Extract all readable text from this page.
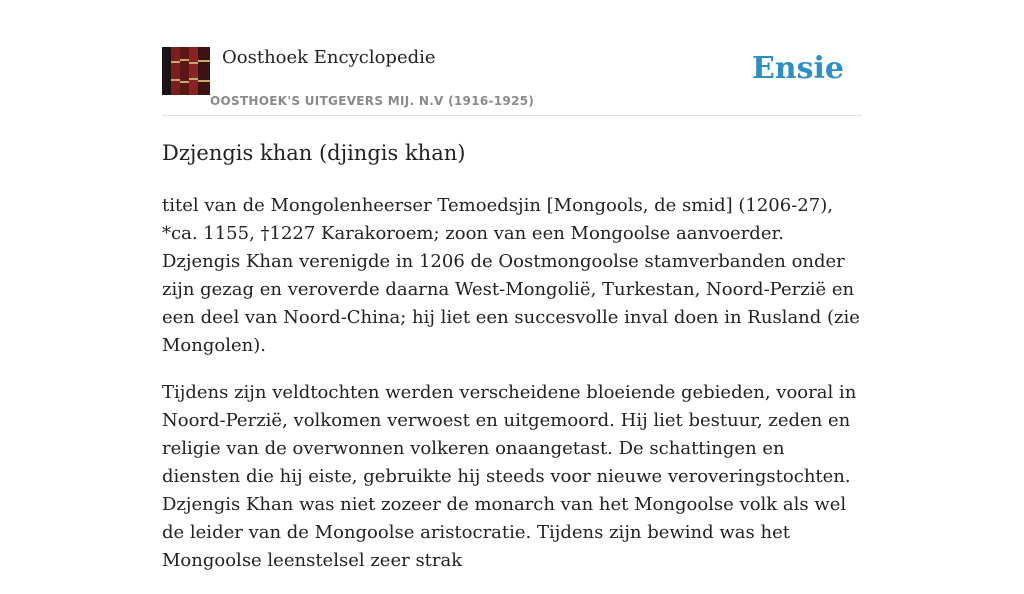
Oosthoek Encyclopedie
OOSTHOEK'S UITGEVERS MIJ. N.V (1916-1925)
Ensie
Dzjengis khan (djingis khan)

titel van de Mongolenheerser Temoedsjin [Mongools, de smid] (1206-27), *ca. 1155, †1227 Karakoroem; zoon van een Mongoolse aanvoerder. Dzjengis Khan verenigde in 1206 de Oostmongoolse stamverbanden onder zijn gezag en veroverde daarna West-Mongolië, Turkestan, Noord-Perzië en een deel van Noord-China; hij liet een succesvolle inval doen in Rusland (zie Mongolen).

Tijdens zijn veldtochten werden verscheidene bloeiende gebieden, vooral in Noord-Perzië, volkomen verwoest en uitgemoord. Hij liet bestuur, zeden en religie van de overwonnen volkeren onaangetast. De schattingen en diensten die hij eiste, gebruikte hij steeds voor nieuwe veroveringstochten. Dzjengis Khan was niet zozeer de monarch van het Mongoolse volk als wel de leider van de Mongoolse aristocratie. Tijdens zijn bewind was het Mongoolse leenstelsel zeer strak
